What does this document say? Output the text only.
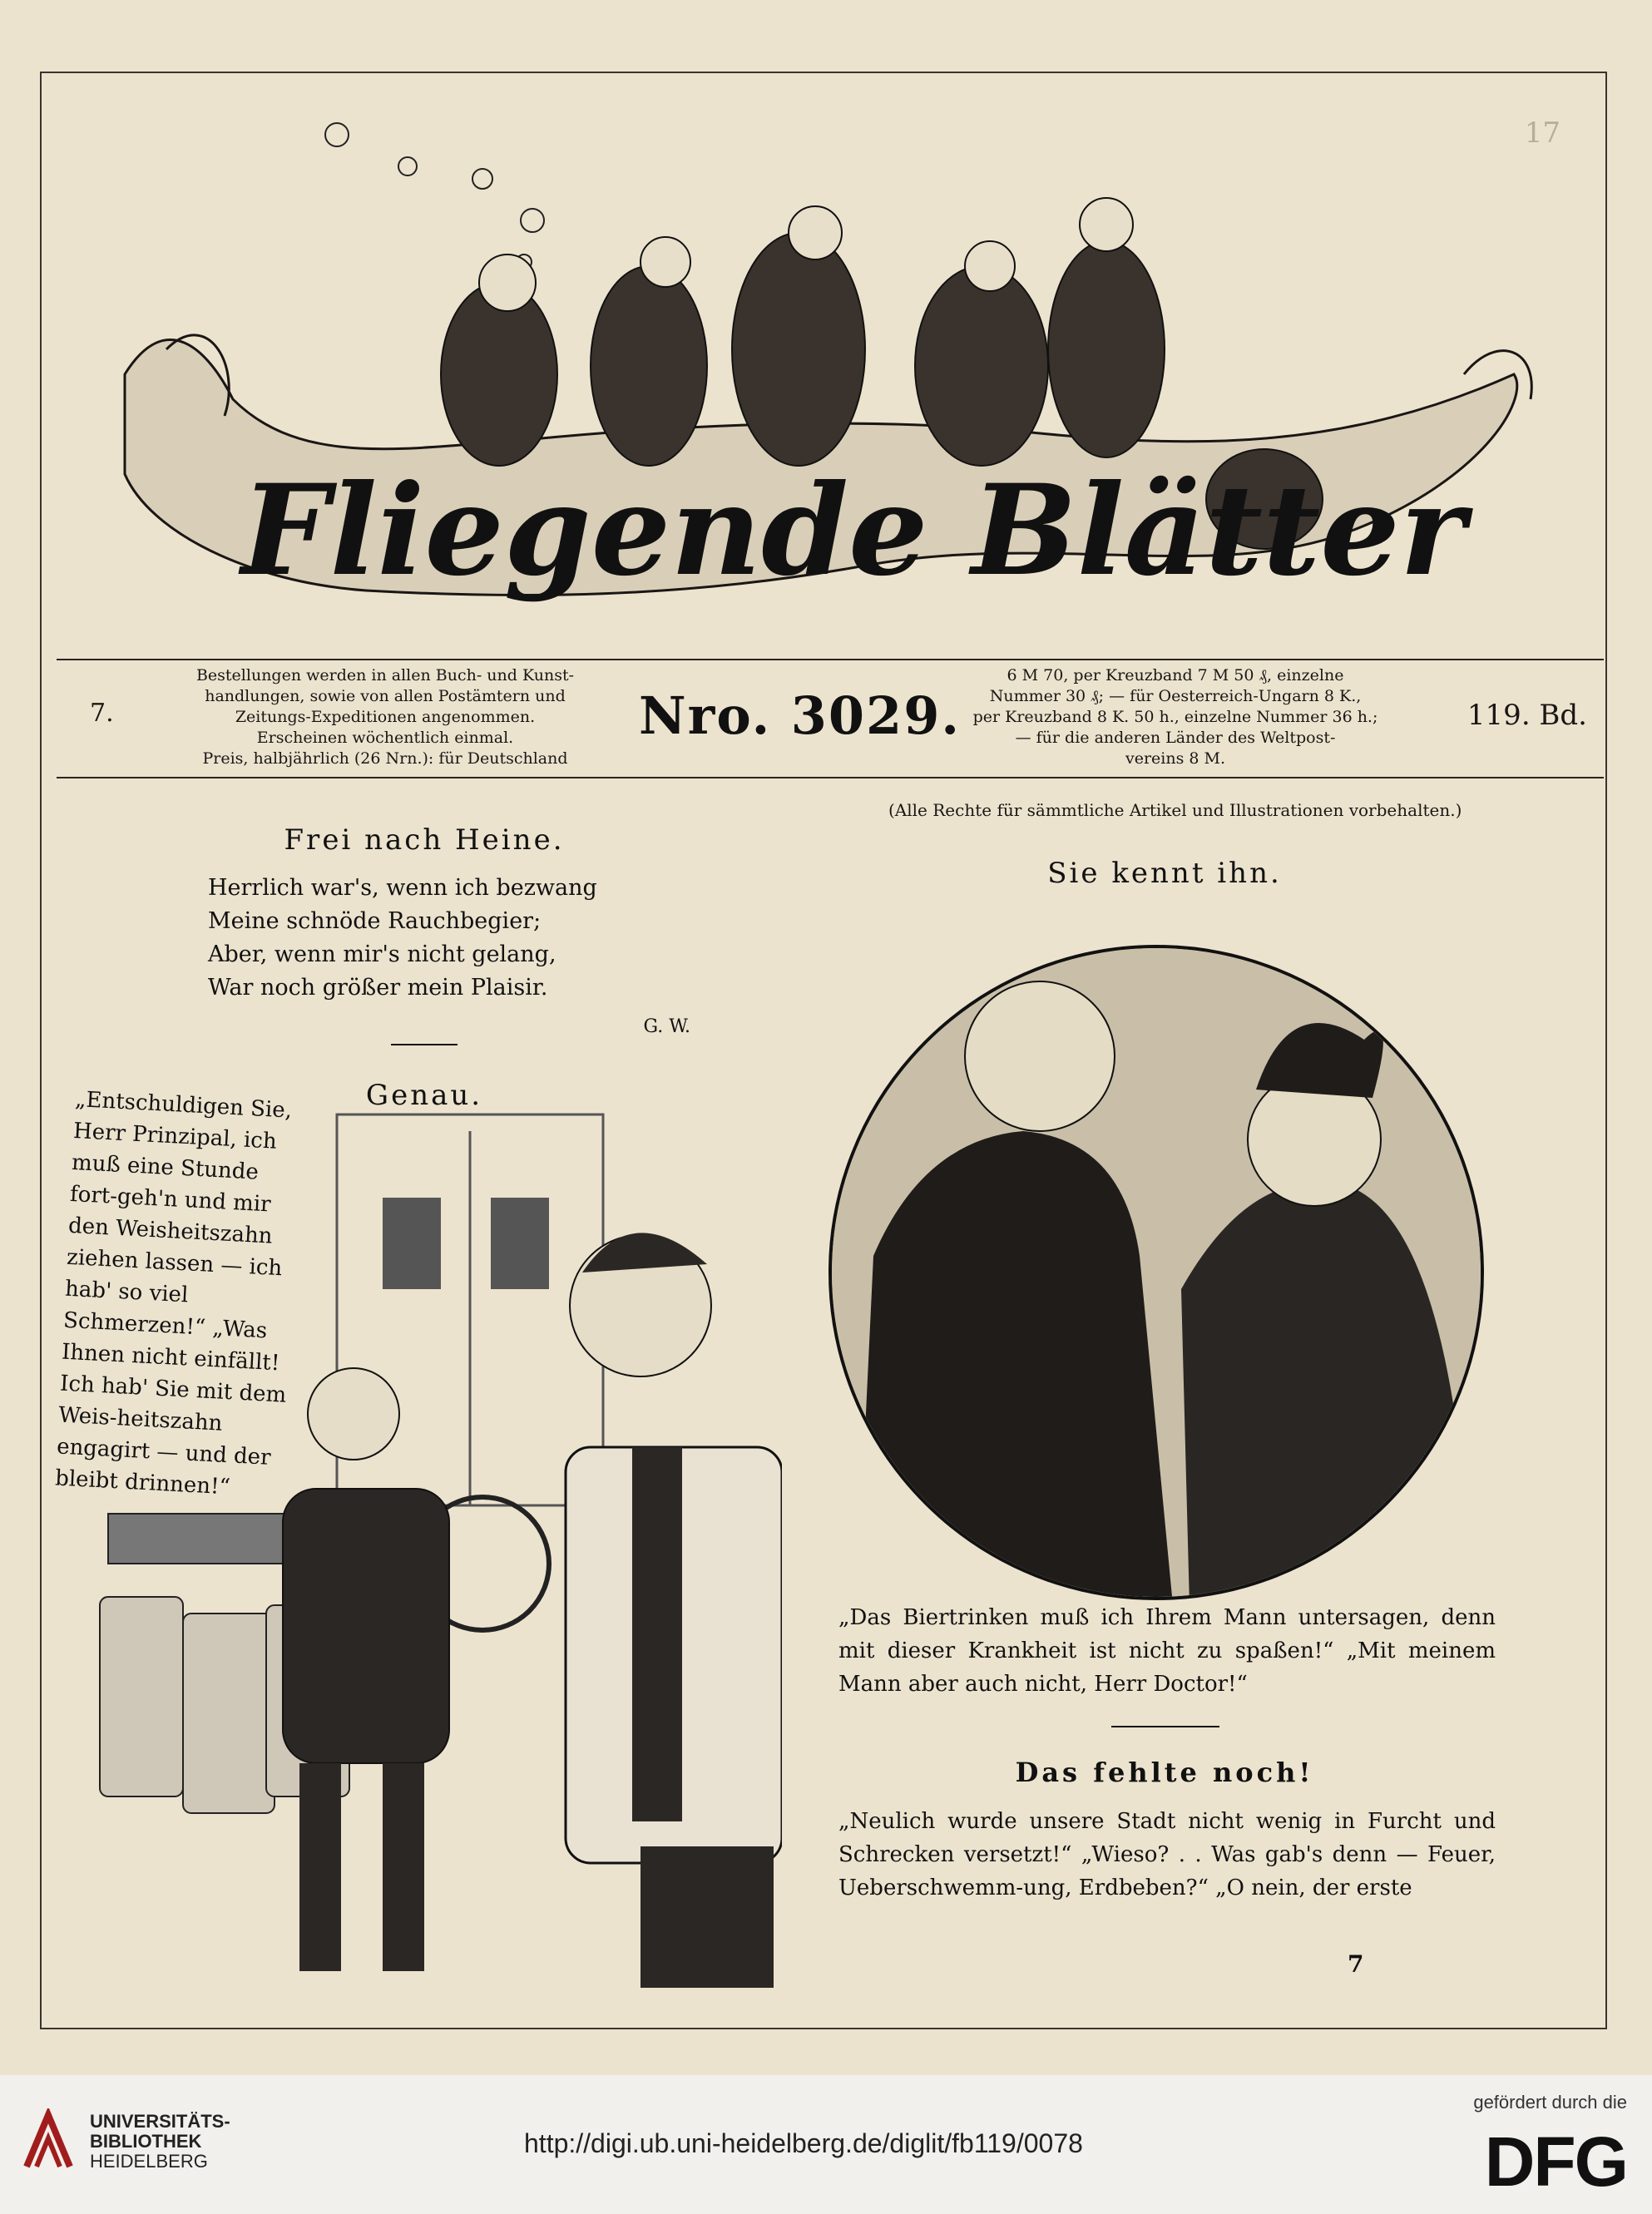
17
Fliegende Blätter
7.
Bestellungen werden in allen Buch- und Kunst-
handlungen, sowie von allen Postämtern und
Zeitungs-Expeditionen angenommen.
Erscheinen wöchentlich einmal.
Preis, halbjährlich (26 Nrn.): für Deutschland
Nro. 3029.
6 M 70, per Kreuzband 7 M 50 ₰, einzelne
Nummer 30 ₰; — für Oesterreich-Ungarn 8 K.,
per Kreuzband 8 K. 50 h., einzelne Nummer 36 h.;
— für die anderen Länder des Weltpost-
vereins 8 M.
119. Bd.
(Alle Rechte für sämmtliche Artikel und Illustrationen vorbehalten.)
Frei nach Heine.
Herrlich war's, wenn ich bezwang
Meine schnöde Rauchbegier;
Aber, wenn mir's nicht gelang,
War noch größer mein Plaisir.
G. W.
Genau.
„Entschuldigen Sie, Herr Prinzipal, ich muß eine Stunde fort-geh'n und mir den Weisheitszahn ziehen lassen — ich hab' so viel Schmerzen!“ „Was Ihnen nicht einfällt! Ich hab' Sie mit dem Weis-heitszahn engagirt — und der bleibt drinnen!“
Sie kennt ihn.
„Das Biertrinken muß ich Ihrem Mann untersagen, denn mit dieser Krankheit ist nicht zu spaßen!“ „Mit meinem Mann aber auch nicht, Herr Doctor!“
Das fehlte noch!
„Neulich wurde unsere Stadt nicht wenig in Furcht und Schrecken versetzt!“ „Wieso? . . Was gab's denn — Feuer, Ueberschwemm-ung, Erdbeben?“ „O nein, der erste
7
UNIVERSITÄTS-
BIBLIOTHEK
HEIDELBERG
http://digi.ub.uni-heidelberg.de/diglit/fb119/0078
gefördert durch die
DFG
